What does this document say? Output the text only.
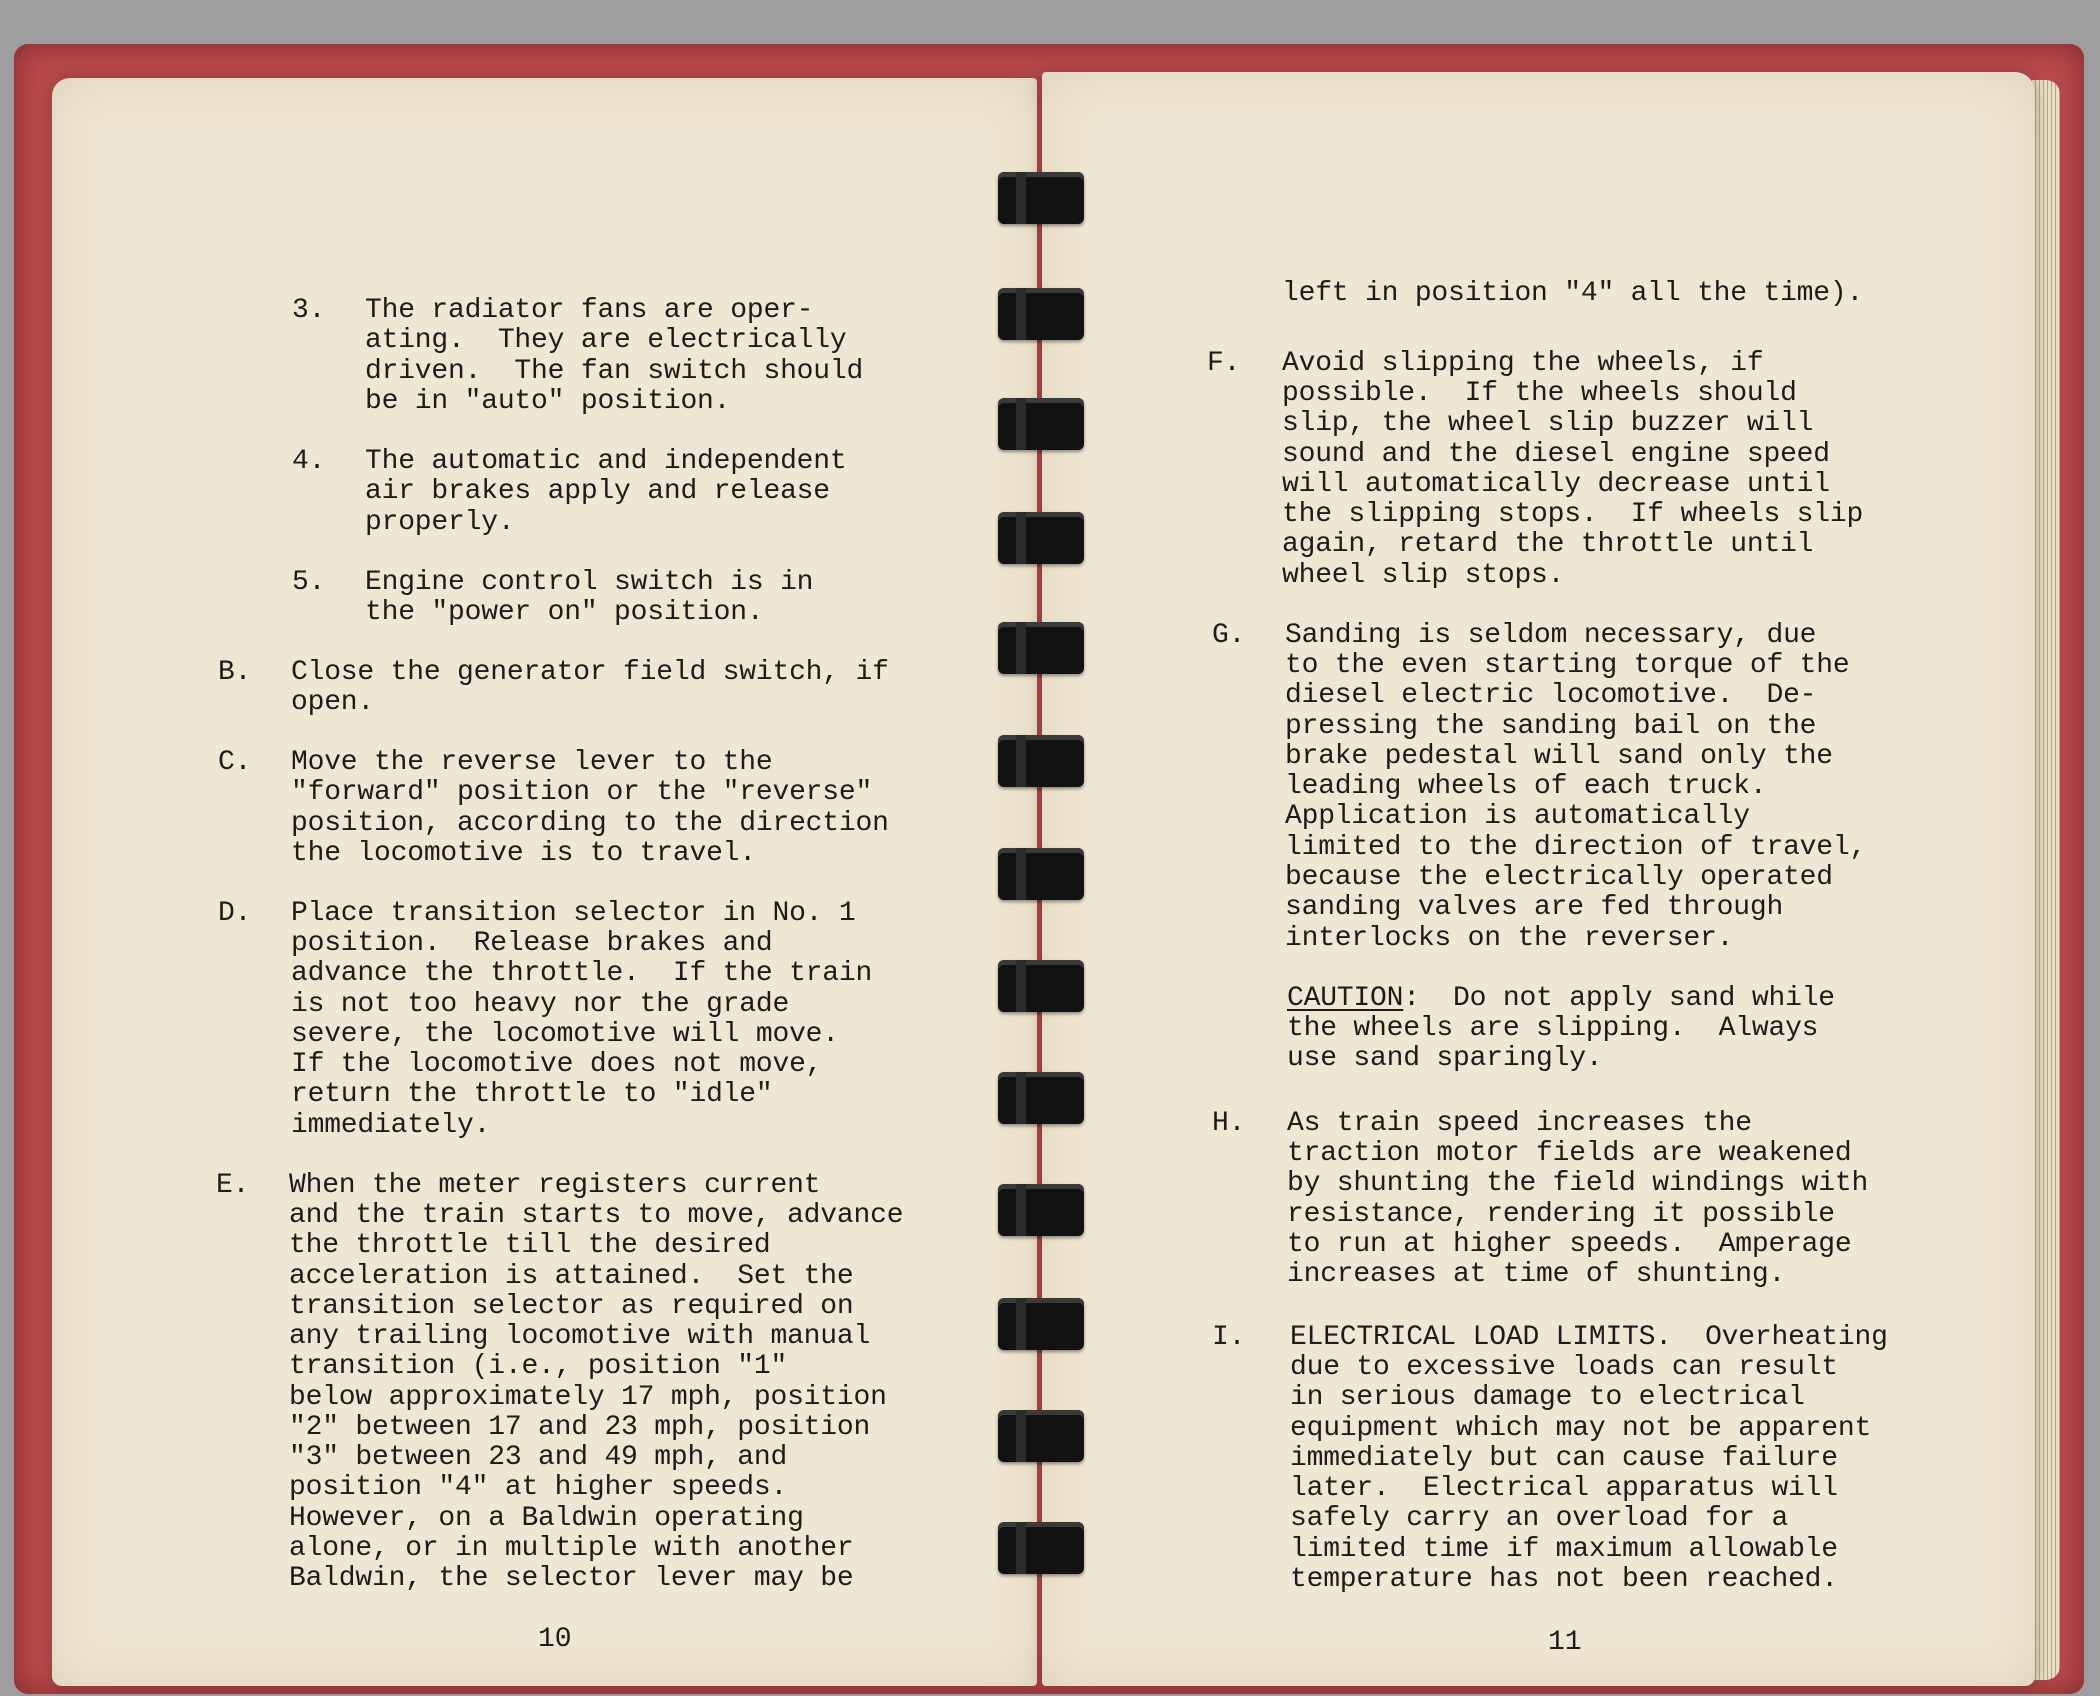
3. The radiator fans are oper-

ating.  They are electrically

driven.  The fan switch should

be in "auto" position.

4. The automatic and independent

air brakes apply and release

properly.

5. Engine control switch is in

the "power on" position.

B. Close the generator field switch, if

open.

C. Move the reverse lever to the

"forward" position or the "reverse"

position, according to the direction

the locomotive is to travel.

D. Place transition selector in No. 1

position.  Release brakes and

advance the throttle.  If the train

is not too heavy nor the grade

severe, the locomotive will move.

If the locomotive does not move,

return the throttle to "idle"

immediately.

E. When the meter registers current

and the train starts to move, advance

the throttle till the desired

acceleration is attained.  Set the

transition selector as required on

any trailing locomotive with manual

transition (i.e., position "1"

below approximately 17 mph, position

"2" between 17 and 23 mph, position

"3" between 23 and 49 mph, and

position "4" at higher speeds.

However, on a Baldwin operating

alone, or in multiple with another

Baldwin, the selector lever may be

10

left in position "4" all the time).

F. Avoid slipping the wheels, if

possible.  If the wheels should

slip, the wheel slip buzzer will

sound and the diesel engine speed

will automatically decrease until

the slipping stops.  If wheels slip

again, retard the throttle until

wheel slip stops.

G. Sanding is seldom necessary, due

to the even starting torque of the

diesel electric locomotive.  De-

pressing the sanding bail on the

brake pedestal will sand only the

leading wheels of each truck.

Application is automatically

limited to the direction of travel,

because the electrically operated

sanding valves are fed through

interlocks on the reverser.

CAUTION:  Do not apply sand while

the wheels are slipping.  Always

use sand sparingly.

H. As train speed increases the

traction motor fields are weakened

by shunting the field windings with

resistance, rendering it possible

to run at higher speeds.  Amperage

increases at time of shunting.

I. ELECTRICAL LOAD LIMITS.  Overheating

due to excessive loads can result

in serious damage to electrical

equipment which may not be apparent

immediately but can cause failure

later.  Electrical apparatus will

safely carry an overload for a

limited time if maximum allowable

temperature has not been reached.

11
